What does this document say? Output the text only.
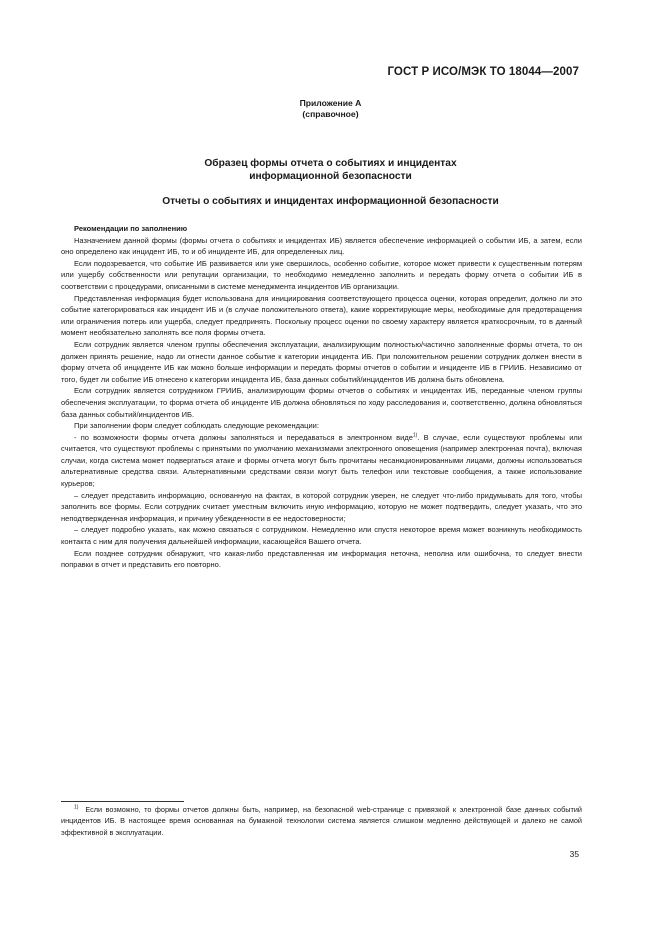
ГОСТ Р ИСО/МЭК ТО 18044—2007
Приложение А
(справочное)
Образец формы отчета о событиях и инцидентах
информационной безопасности
Отчеты о событиях и инцидентах информационной безопасности

Рекомендации по заполнению

Назначением данной формы (формы отчета о событиях и инцидентах ИБ) является обеспечение информацией о событии ИБ, а затем, если оно определено как инцидент ИБ, то и об инциденте ИБ, для определенных лиц.

Если подозревается, что событие ИБ развивается или уже свершилось, особенно событие, которое может привести к существенным потерям или ущербу собственности или репутации организации, то необходимо немедленно заполнить и передать форму отчета о событии ИБ в соответствии с процедурами, описанными в системе менеджмента инцидентов ИБ организации.

Представленная информация будет использована для инициирования соответствующего процесса оценки, которая определит, должно ли это событие категорироваться как инцидент ИБ и (в случае положительного ответа), какие корректирующие меры, необходимые для предотвращения или ограничения потерь или ущерба, следует предпринять. Поскольку процесс оценки по своему характеру является краткосрочным, то в данный момент необязательно заполнять все поля формы отчета.

Если сотрудник является членом группы обеспечения эксплуатации, анализирующим полностью/частично заполненные формы отчета, то он должен принять решение, надо ли отнести данное событие к категории инцидента ИБ. При положительном решении сотрудник должен внести в форму отчета об инциденте ИБ как можно больше информации и передать формы отчетов о событии и инциденте ИБ в ГРИИБ. Независимо от того, будет ли событие ИБ отнесено к категории инцидента ИБ, база данных событий/инцидентов ИБ должна быть обновлена.

Если сотрудник является сотрудником ГРИИБ, анализирующим формы отчетов о событиях и инцидентах ИБ, переданные членом группы обеспечения эксплуатации, то форма отчета об инциденте ИБ должна обновляться по ходу расследования и, соответственно, должна обновляться база данных событий/инцидентов ИБ.

При заполнении форм следует соблюдать следующие рекомендации:

- по возможности формы отчета должны заполняться и передаваться в электронном виде$^{1)}$. В случае, если существуют проблемы или считается, что существуют проблемы с принятыми по умолчанию механизмами электронного оповещения (например электронная почта), включая случаи, когда система может подвергаться атаке и формы отчета могут быть прочитаны несанкционированными лицами, должны использоваться альтернативные средства связи. Альтернативными средствами связи могут быть телефон или текстовые сообщения, а также использование курьеров;

– следует представить информацию, основанную на фактах, в которой сотрудник уверен, не следует что-либо придумывать для того, чтобы заполнить все формы. Если сотрудник считает уместным включить иную информацию, которую не может подтвердить, следует указать, что это неподтвержденная информация, и причину убежденности в ее недостоверности;

– следует подробно указать, как можно связаться с сотрудником. Немедленно или спустя некоторое время может возникнуть необходимость контакта с ним для получения дальнейшей информации, касающейся Вашего отчета.

Если позднее сотрудник обнаружит, что какая-либо представленная им информация неточна, неполна или ошибочна, то следует внести поправки в отчет и представить его повторно.

$^{1)}$ Если возможно, то формы отчетов должны быть, например, на безопасной web-странице с привязкой к электронной базе данных событий инцидентов ИБ. В настоящее время основанная на бумажной технологии система является слишком медленно действующей и далеко не самой эффективной в эксплуатации.
35
